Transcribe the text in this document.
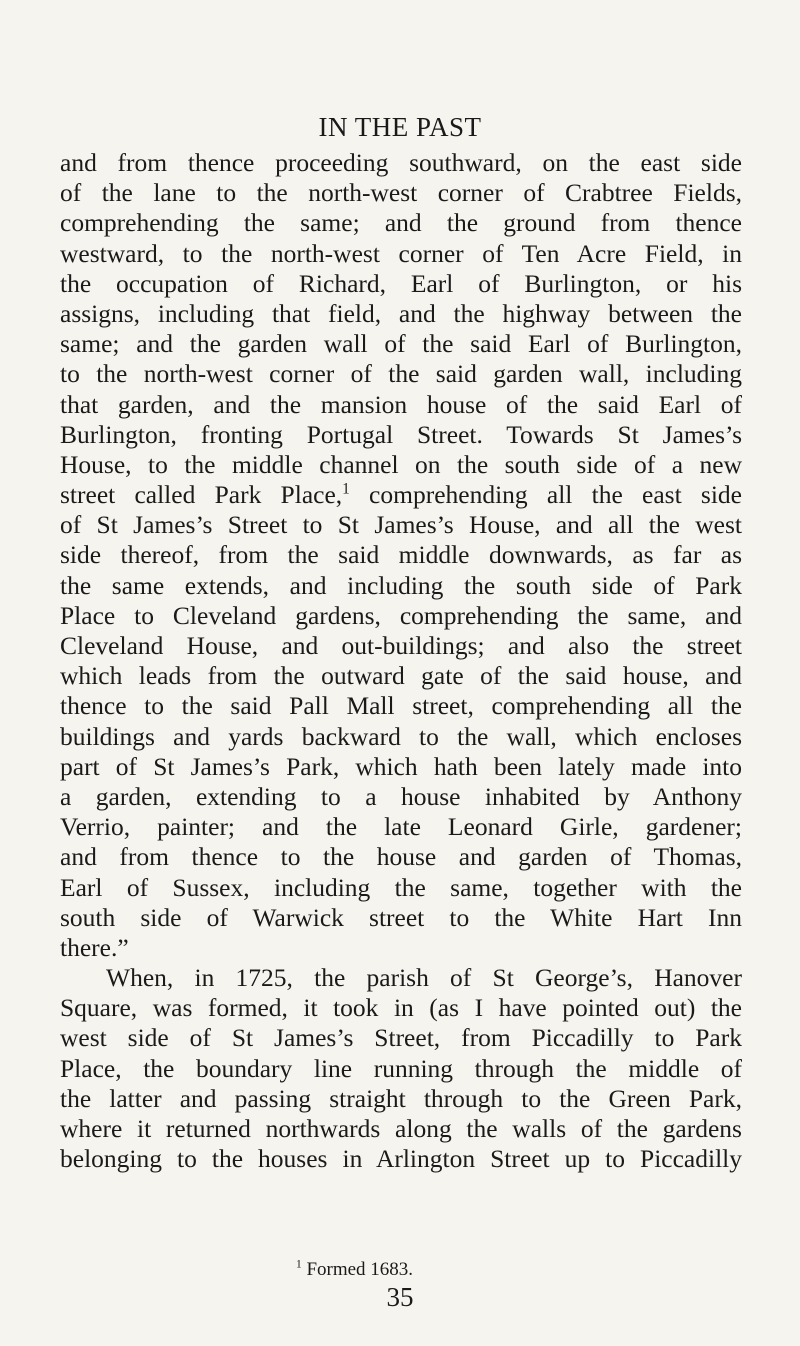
IN THE PAST
and from thence proceeding southward, on the east side
of the lane to the north-west corner of Crabtree Fields,
comprehending the same; and the ground from thence
westward, to the north-west corner of Ten Acre Field, in
the occupation of Richard, Earl of Burlington, or his
assigns, including that field, and the highway between the
same; and the garden wall of the said Earl of Burlington,
to the north-west corner of the said garden wall, including
that garden, and the mansion house of the said Earl of
Burlington, fronting Portugal Street. Towards St James’s
House, to the middle channel on the south side of a new
street called Park Place,$^1$ comprehending all the east side
of St James’s Street to St James’s House, and all the west
side thereof, from the said middle downwards, as far as
the same extends, and including the south side of Park
Place to Cleveland gardens, comprehending the same, and
Cleveland House, and out-buildings; and also the street
which leads from the outward gate of the said house, and
thence to the said Pall Mall street, comprehending all the
buildings and yards backward to the wall, which encloses
part of St James’s Park, which hath been lately made into
a garden, extending to a house inhabited by Anthony
Verrio, painter; and the late Leonard Girle, gardener;
and from thence to the house and garden of Thomas,
Earl of Sussex, including the same, together with the
south side of Warwick street to the White Hart Inn
there.”
When, in 1725, the parish of St George’s, Hanover
Square, was formed, it took in (as I have pointed out) the
west side of St James’s Street, from Piccadilly to Park
Place, the boundary line running through the middle of
the latter and passing straight through to the Green Park,
where it returned northwards along the walls of the gardens
belonging to the houses in Arlington Street up to Piccadilly
$^1$ Formed 1683.
35
